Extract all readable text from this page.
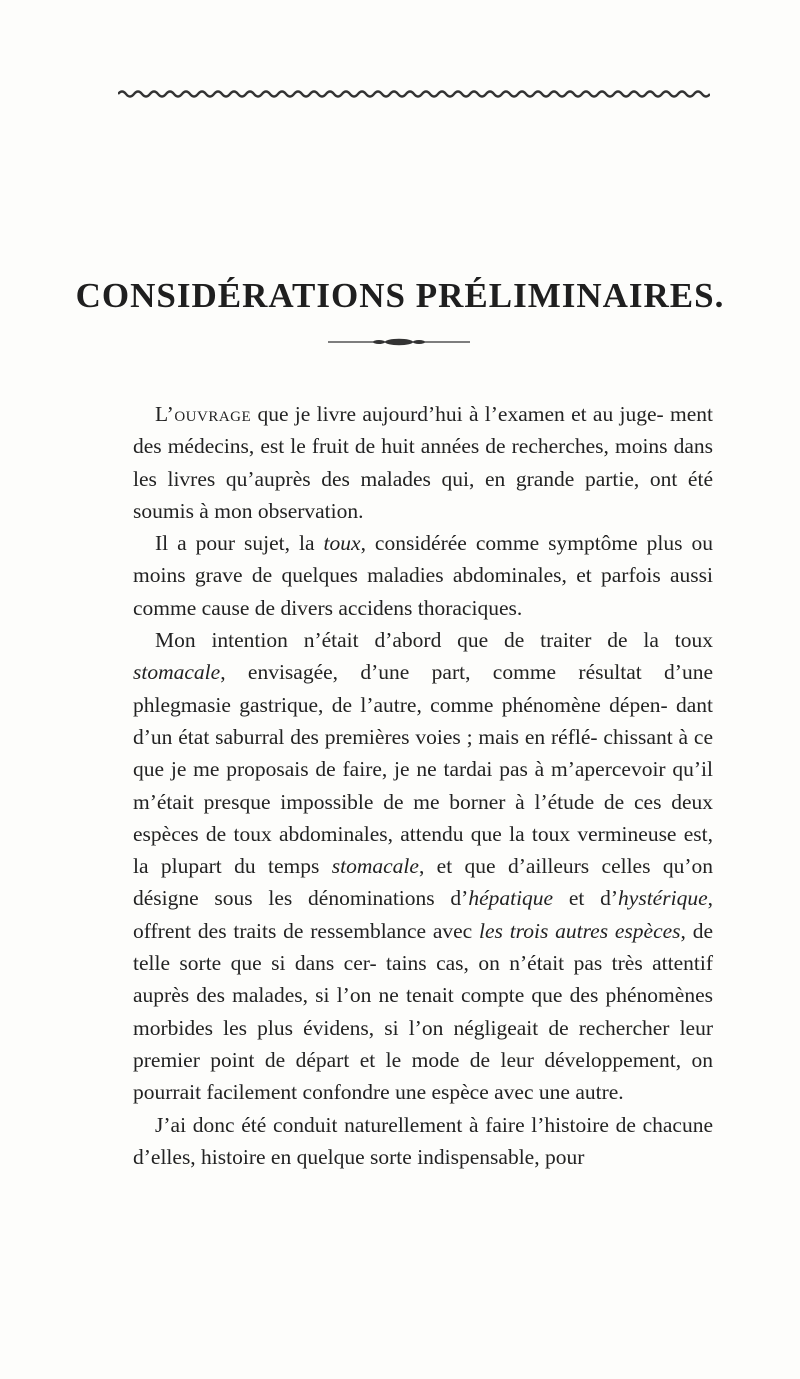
CONSIDÉRATIONS PRÉLIMINAIRES.

L’ouvrage que je livre aujourd’hui à l’examen et au juge- ment des médecins, est le fruit de huit années de recherches, moins dans les livres qu’auprès des malades qui, en grande partie, ont été soumis à mon observation.

Il a pour sujet, la toux, considérée comme symptôme plus ou moins grave de quelques maladies abdominales, et parfois aussi comme cause de divers accidens thoraciques.

Mon intention n’était d’abord que de traiter de la toux stomacale, envisagée, d’une part, comme résultat d’une phlegmasie gastrique, de l’autre, comme phénomène dépen- dant d’un état saburral des premières voies ; mais en réflé- chissant à ce que je me proposais de faire, je ne tardai pas à m’apercevoir qu’il m’était presque impossible de me borner à l’étude de ces deux espèces de toux abdominales, attendu que la toux vermineuse est, la plupart du temps stomacale, et que d’ailleurs celles qu’on désigne sous les dénominations d’hépatique et d’hystérique, offrent des traits de ressemblance avec les trois autres espèces, de telle sorte que si dans cer- tains cas, on n’était pas très attentif auprès des malades, si l’on ne tenait compte que des phénomènes morbides les plus évidens, si l’on négligeait de rechercher leur premier point de départ et le mode de leur développement, on pourrait facilement confondre une espèce avec une autre.

J’ai donc été conduit naturellement à faire l’histoire de chacune d’elles, histoire en quelque sorte indispensable, pour
